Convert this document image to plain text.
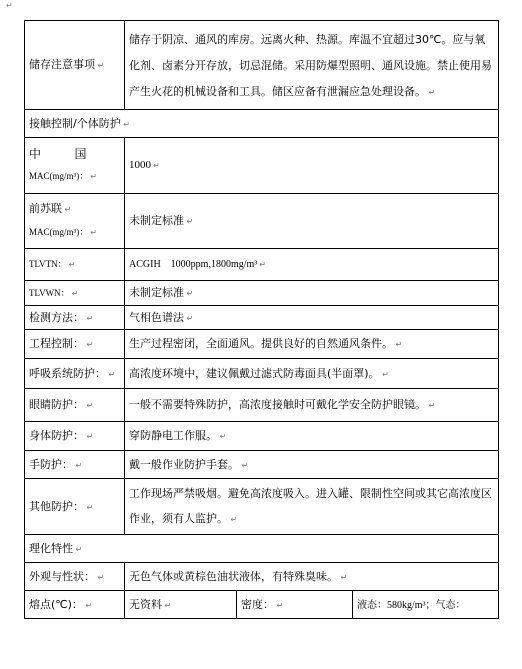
↵
储存注意事项 ↵	储存于阴凉、通风的库房。远离火种、热源。库温不宜超过30℃。应与氧化剂、卤素分开存放，切忌混储。采用防爆型照明、通风设施。禁止使用易产生火花的机械设备和工具。储区应备有泄漏应急处理设备。 ↵

接触控制/个体防护 ↵

中 国
MAC(mg/m³)： ↵	1000 ↵

前苏联 ↵
MAC(mg/m³)： ↵	未制定标准 ↵

TLVTN： ↵	ACGIH　1000ppm,1800mg/m³ ↵

TLVWN： ↵	未制定标准 ↵

检测方法： ↵	气相色谱法 ↵

工程控制： ↵	生产过程密闭，全面通风。提供良好的自然通风条件。 ↵

呼吸系统防护： ↵	高浓度环境中，建议佩戴过滤式防毒面具(半面罩)。 ↵

眼睛防护： ↵	一般不需要特殊防护，高浓度接触时可戴化学安全防护眼镜。 ↵

身体防护： ↵	穿防静电工作服。 ↵

手防护： ↵	戴一般作业防护手套。 ↵

其他防护： ↵	工作现场严禁吸烟。避免高浓度吸入。进入罐、限制性空间或其它高浓度区作业，须有人监护。 ↵

理化特性 ↵

外观与性状： ↵	无色气体或黄棕色油状液体，有特殊臭味。 ↵

熔点(℃)： ↵	无资料 ↵	密度： ↵	液态：580kg/m³；气态：
